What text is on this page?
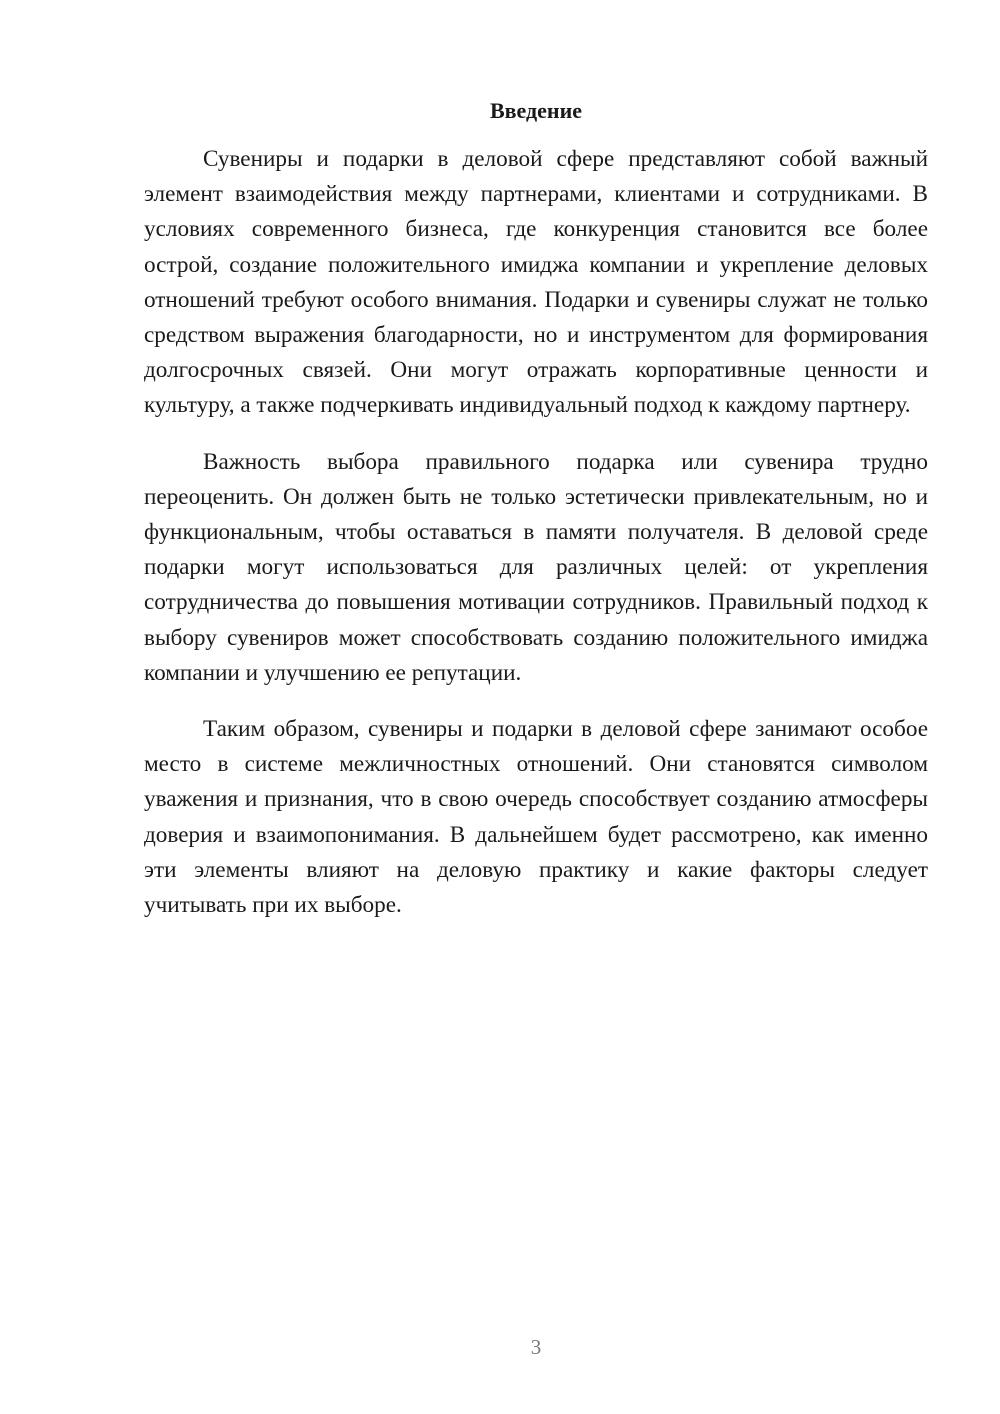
Введение

Сувениры и подарки в деловой сфере представляют собой важный элемент взаимодействия между партнерами, клиентами и сотрудниками. В условиях современного бизнеса, где конкуренция становится все более острой, создание положительного имиджа компании и укрепление деловых отношений требуют особого внимания. Подарки и сувениры служат не только средством выражения благодарности, но и инструментом для формирования долгосрочных связей. Они могут отражать корпоративные ценности и культуру, а также подчеркивать индивидуальный подход к каждому партнеру.

Важность выбора правильного подарка или сувенира трудно переоценить. Он должен быть не только эстетически привлекательным, но и функциональным, чтобы оставаться в памяти получателя. В деловой среде подарки могут использоваться для различных целей: от укрепления сотрудничества до повышения мотивации сотрудников. Правильный подход к выбору сувениров может способствовать созданию положительного имиджа компании и улучшению ее репутации.

Таким образом, сувениры и подарки в деловой сфере занимают особое место в системе межличностных отношений. Они становятся символом уважения и признания, что в свою очередь способствует созданию атмосферы доверия и взаимопонимания. В дальнейшем будет рассмотрено, как именно эти элементы влияют на деловую практику и какие факторы следует учитывать при их выборе.

3
